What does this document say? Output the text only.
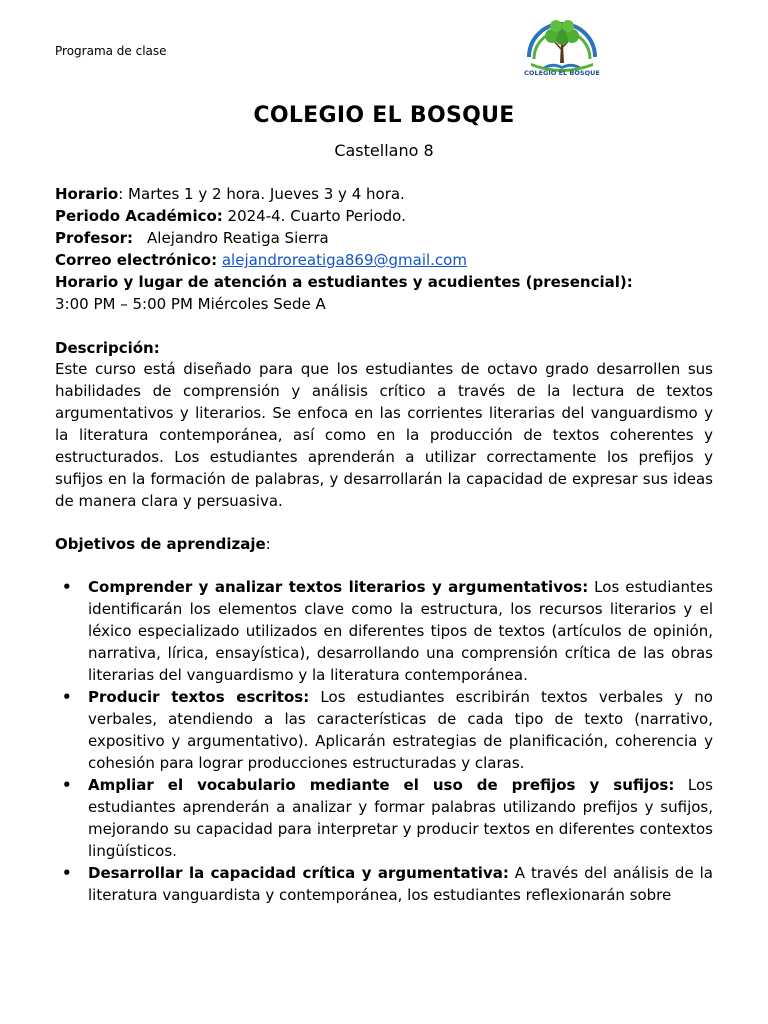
Programa de clase
COLEGIO EL BOSQUE
COLEGIO EL BOSQUE
Castellano 8
Horario: Martes 1 y 2 hora. Jueves 3 y 4 hora.
Periodo Académico: 2024-4. Cuarto Periodo.
Profesor: Alejandro Reatiga Sierra
Correo electrónico: alejandroreatiga869@gmail.com
Horario y lugar de atención a estudiantes y acudientes (presencial):
3:00 PM – 5:00 PM Miércoles Sede A
Descripción:
Este curso está diseñado para que los estudiantes de octavo grado desarrollen sus habilidades de comprensión y análisis crítico a través de la lectura de textos argumentativos y literarios. Se enfoca en las corrientes literarias del vanguardismo y la literatura contemporánea, así como en la producción de textos coherentes y estructurados. Los estudiantes aprenderán a utilizar correctamente los prefijos y sufijos en la formación de palabras, y desarrollarán la capacidad de expresar sus ideas de manera clara y persuasiva.
Objetivos de aprendizaje:
• Comprender y analizar textos literarios y argumentativos: Los estudiantes identificarán los elementos clave como la estructura, los recursos literarios y el léxico especializado utilizados en diferentes tipos de textos (artículos de opinión, narrativa, lírica, ensayística), desarrollando una comprensión crítica de las obras literarias del vanguardismo y la literatura contemporánea.
• Producir textos escritos: Los estudiantes escribirán textos verbales y no verbales, atendiendo a las características de cada tipo de texto (narrativo, expositivo y argumentativo). Aplicarán estrategias de planificación, coherencia y cohesión para lograr producciones estructuradas y claras.
• Ampliar el vocabulario mediante el uso de prefijos y sufijos: Los estudiantes aprenderán a analizar y formar palabras utilizando prefijos y sufijos, mejorando su capacidad para interpretar y producir textos en diferentes contextos lingüísticos.
• Desarrollar la capacidad crítica y argumentativa: A través del análisis de la literatura vanguardista y contemporánea, los estudiantes reflexionarán sobre
